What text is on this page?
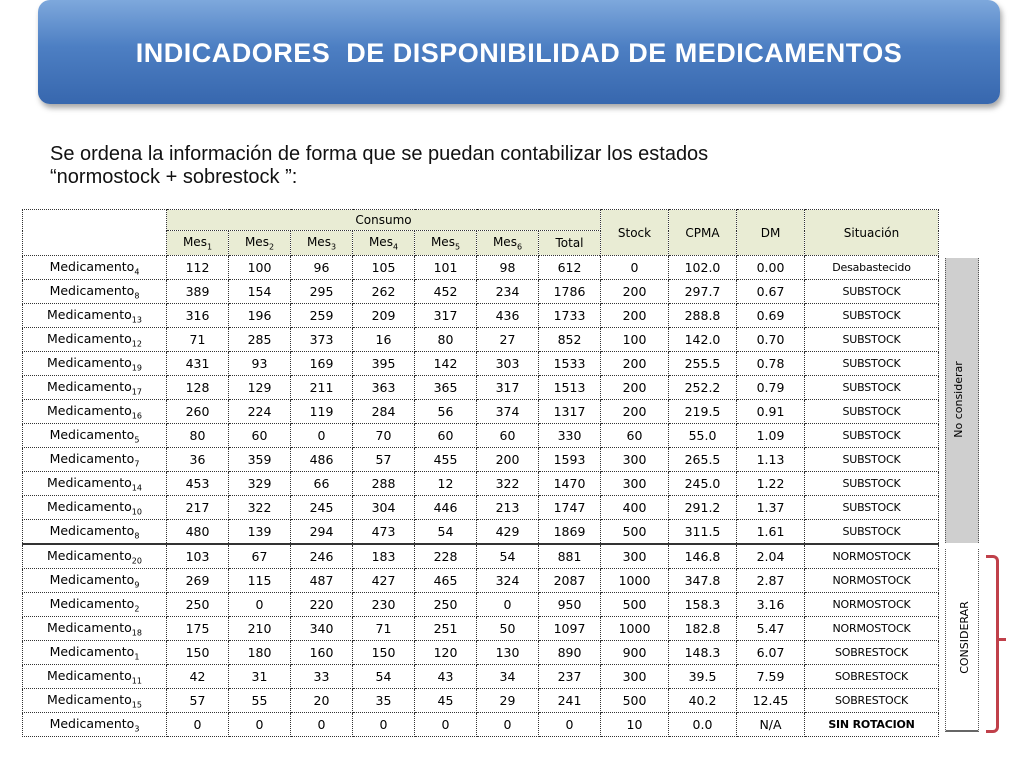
INDICADORES  DE DISPONIBILIDAD DE MEDICAMENTOS
Se ordena la información de forma que se puedan contabilizar los estados
“normostock + sobrestock ”:
	Consumo							Stock	CPMA	DM	Situación
	Mes$_1$	Mes$_2$	Mes$_3$	Mes$_4$	Mes$_5$	Mes$_6$	Total				
Medicamento$_4$	112	100	96	105	101	98	612	0	102.0	0.00	Desabastecido
Medicamento$_8$	389	154	295	262	452	234	1786	200	297.7	0.67	SUBSTOCK
Medicamento$_{13}$	316	196	259	209	317	436	1733	200	288.8	0.69	SUBSTOCK
Medicamento$_{12}$	71	285	373	16	80	27	852	100	142.0	0.70	SUBSTOCK
Medicamento$_{19}$	431	93	169	395	142	303	1533	200	255.5	0.78	SUBSTOCK
Medicamento$_{17}$	128	129	211	363	365	317	1513	200	252.2	0.79	SUBSTOCK
Medicamento$_{16}$	260	224	119	284	56	374	1317	200	219.5	0.91	SUBSTOCK
Medicamento$_5$	80	60	0	70	60	60	330	60	55.0	1.09	SUBSTOCK
Medicamento$_7$	36	359	486	57	455	200	1593	300	265.5	1.13	SUBSTOCK
Medicamento$_{14}$	453	329	66	288	12	322	1470	300	245.0	1.22	SUBSTOCK
Medicamento$_{10}$	217	322	245	304	446	213	1747	400	291.2	1.37	SUBSTOCK
Medicamento$_8$	480	139	294	473	54	429	1869	500	311.5	1.61	SUBSTOCK
Medicamento$_{20}$	103	67	246	183	228	54	881	300	146.8	2.04	NORMOSTOCK
Medicamento$_9$	269	115	487	427	465	324	2087	1000	347.8	2.87	NORMOSTOCK
Medicamento$_2$	250	0	220	230	250	0	950	500	158.3	3.16	NORMOSTOCK
Medicamento$_{18}$	175	210	340	71	251	50	1097	1000	182.8	5.47	NORMOSTOCK
Medicamento$_1$	150	180	160	150	120	130	890	900	148.3	6.07	SOBRESTOCK
Medicamento$_{11}$	42	31	33	54	43	34	237	300	39.5	7.59	SOBRESTOCK
Medicamento$_{15}$	57	55	20	35	45	29	241	500	40.2	12.45	SOBRESTOCK
Medicamento$_3$	0	0	0	0	0	0	0	10	0.0	N/A	SIN ROTACION
No considerar
CONSIDERAR
